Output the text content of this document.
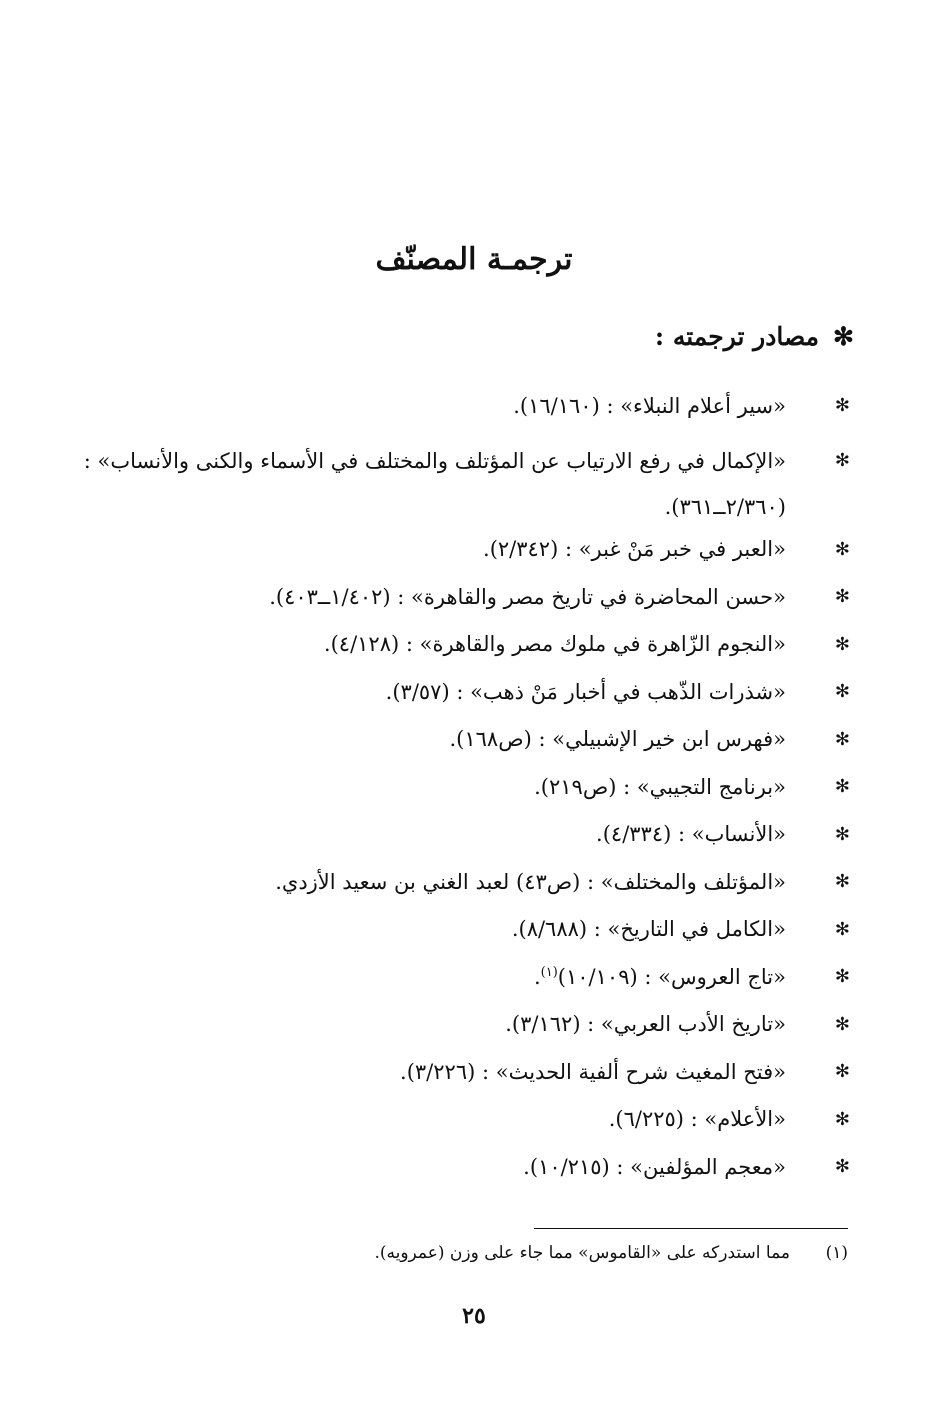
ترجمـة المصنّف
✻مصادر ترجمته :
✻
«سير أعلام النبلاء» : (١٦/١٦٠).
✻
«الإكمال في رفع الارتياب عن المؤتلف والمختلف في الأسماء والكنى والأنساب» : (٢/٣٦٠ــ٣٦١).
✻
«العبر في خبر مَنْ غبر» : (٢/٣٤٢).
✻
«حسن المحاضرة في تاريخ مصر والقاهرة» : (١/٤٠٢ــ٤٠٣).
✻
«النجوم الزّاهرة في ملوك مصر والقاهرة» : (٤/١٢٨).
✻
«شذرات الذّهب في أخبار مَنْ ذهب» : (٣/٥٧).
✻
«فهرس ابن خير الإشبيلي» : (ص١٦٨).
✻
«برنامج التجيبي» : (ص٢١٩).
✻
«الأنساب» : (٤/٣٣٤).
✻
«المؤتلف والمختلف» : (ص٤٣) لعبد الغني بن سعيد الأزدي.
✻
«الكامل في التاريخ» : (٨/٦٨٨).
✻
«تاج العروس» : (١٠/١٠٩)$^{(١)}$.
✻
«تاريخ الأدب العربي» : (٣/١٦٢).
✻
«فتح المغيث شرح ألفية الحديث» : (٣/٢٢٦).
✻
«الأعلام» : (٦/٢٢٥).
✻
«معجم المؤلفين» : (١٠/٢١٥).
(١)
مما استدركه على «القاموس» مما جاء على وزن (عمرويه).
٢٥
